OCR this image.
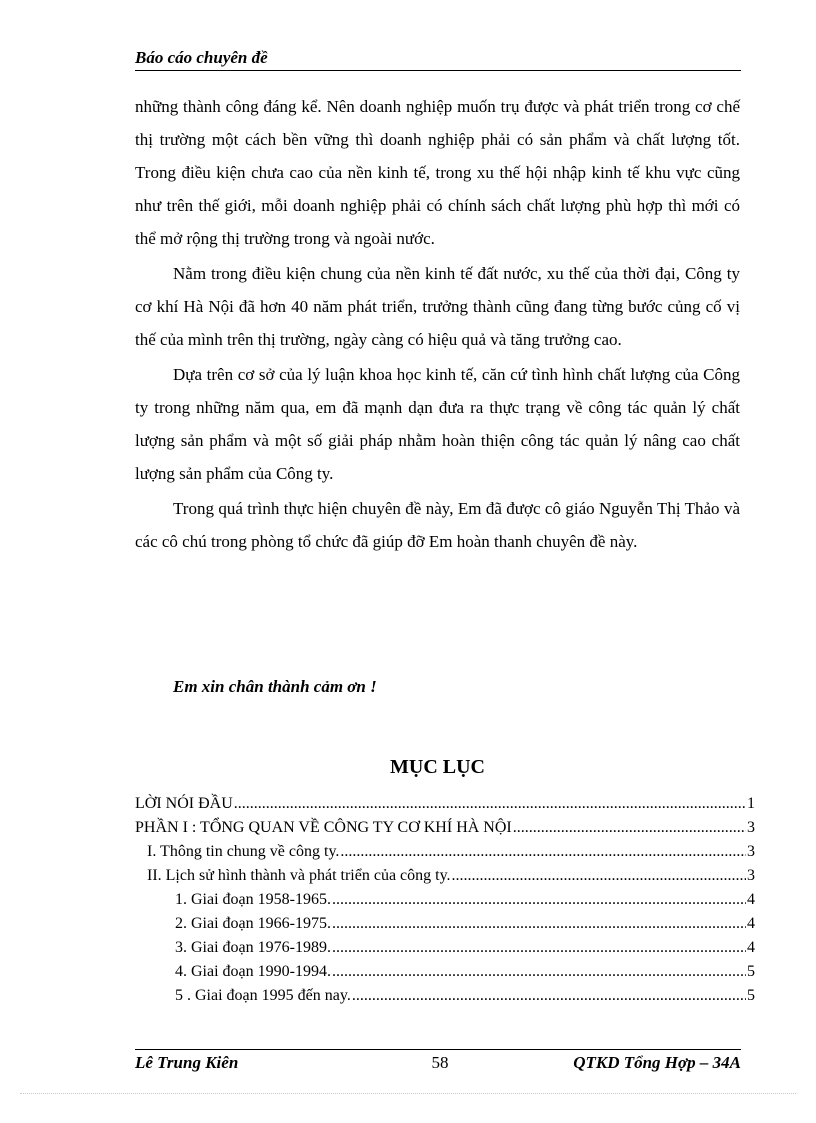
Báo cáo chuyên đề

những thành công đáng kể. Nên doanh nghiệp muốn trụ được và phát triển trong cơ chế thị trường một cách bền vững thì doanh nghiệp phải có sản phẩm và chất lượng tốt. Trong điều kiện chưa cao của nền kinh tế, trong xu thế hội nhập kinh tế khu vực cũng như trên thế giới, mỗi doanh nghiệp phải có chính sách chất lượng phù hợp thì mới có thể mở rộng thị trường trong và ngoài nước.

Nằm trong điều kiện chung của nền kinh tế đất nước, xu thế của thời đại, Công ty cơ khí Hà Nội đã hơn 40 năm phát triển, trưởng thành cũng đang từng bước củng cố vị thế của mình trên thị trường, ngày càng có hiệu quả và tăng trưởng cao.

Dựa trên cơ sở của lý luận khoa học kinh tế, căn cứ tình hình chất lượng của Công ty trong những năm qua, em đã mạnh dạn đưa ra thực trạng về công tác quản lý chất lượng sản phẩm và một số giải pháp nhằm hoàn thiện công tác quản lý nâng cao chất lượng sản phẩm của Công ty.

Trong quá trình thực hiện chuyên đề này, Em đã được cô giáo Nguyễn Thị Thảo và các cô chú trong phòng tổ chức đã giúp đỡ Em hoàn thanh chuyên đề này.

Em xin chân thành cảm ơn !
MỤC LỤC
LỜI NÓI ĐẦU .....	1
PHẦN I : TỔNG QUAN VỀ CÔNG TY CƠ KHÍ HÀ NỘI .....	3
I. Thông tin chung về công ty. .....	3
II. Lịch sử hình thành và phát triển của công ty. .....	3
1. Giai đoạn 1958-1965. .....	4
2. Giai đoạn 1966-1975. .....	4
3. Giai đoạn 1976-1989. .....	4
4. Giai đoạn 1990-1994. .....	5
5 . Giai đoạn 1995 đến nay. .....	5
Lê Trung Kiên	58	QTKD Tổng Hợp – 34A
